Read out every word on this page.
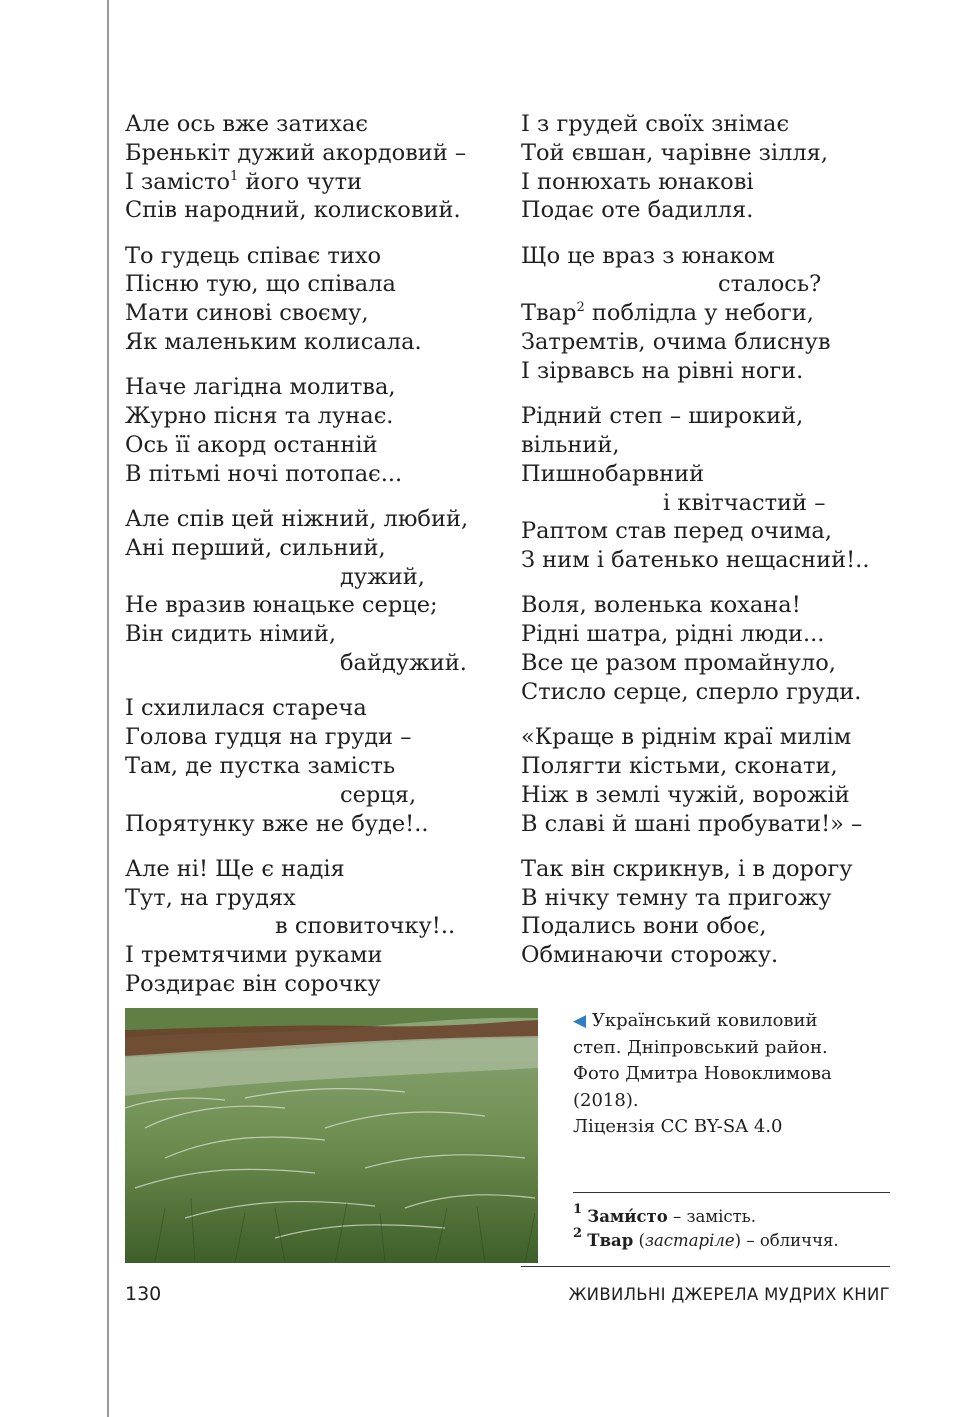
Але ось вже затихає
Бренькіт дужий акордовий –
І замісто$^1$ його чути
Спів народний, колисковий.
То гудець співає тихо
Пісню тую, що співала
Мати синові своєму,
Як маленьким колисала.
Наче лагідна молитва,
Журно пісня та лунає.
Ось її акорд останній
В пітьмі ночі потопає...
Але спів цей ніжний, любий,
Ані перший, сильний,
дужий,
Не вразив юнацьке серце;
Він сидить німий,
байдужий.
І схилилася стареча
Голова гудця на груди –
Там, де пустка замість
серця,
Порятунку вже не буде!..
Але ні! Ще є надія
Тут, на грудях
в сповиточку!..
І тремтячими руками
Роздирає він сорочку
І з грудей своїх знімає
Той євшан, чарівне зілля,
І понюхать юнакові
Подає оте бадилля.
Що це враз з юнаком
сталось?
Твар$^2$ поблідла у небоги,
Затремтів, очима блиснув
І зірвавсь на рівні ноги.
Рідний степ – широкий,
вільний,
Пишнобарвний
і квітчастий –
Раптом став перед очима,
З ним і батенько нещасний!..
Воля, воленька кохана!
Рідні шатра, рідні люди...
Все це разом промайнуло,
Стисло серце, сперло груди.
«Краще в ріднім краї милім
Полягти кістьми, сконати,
Ніж в землі чужій, ворожій
В славі й шані пробувати!» –
Так він скрикнув, і в дорогу
В нічку темну та пригожу
Подались вони обоє,
Обминаючи сторожу.
◀ Український ковиловий
степ. Дніпровський район.
Фото Дмитра Новоклимова
(2018).
Ліцензія CC BY-SA 4.0
$^1$ Зами́сто – замість.
$^2$ Твар (застаріле) – обличчя.
130	ЖИВИЛЬНІ ДЖЕРЕЛА МУДРИХ КНИГ
